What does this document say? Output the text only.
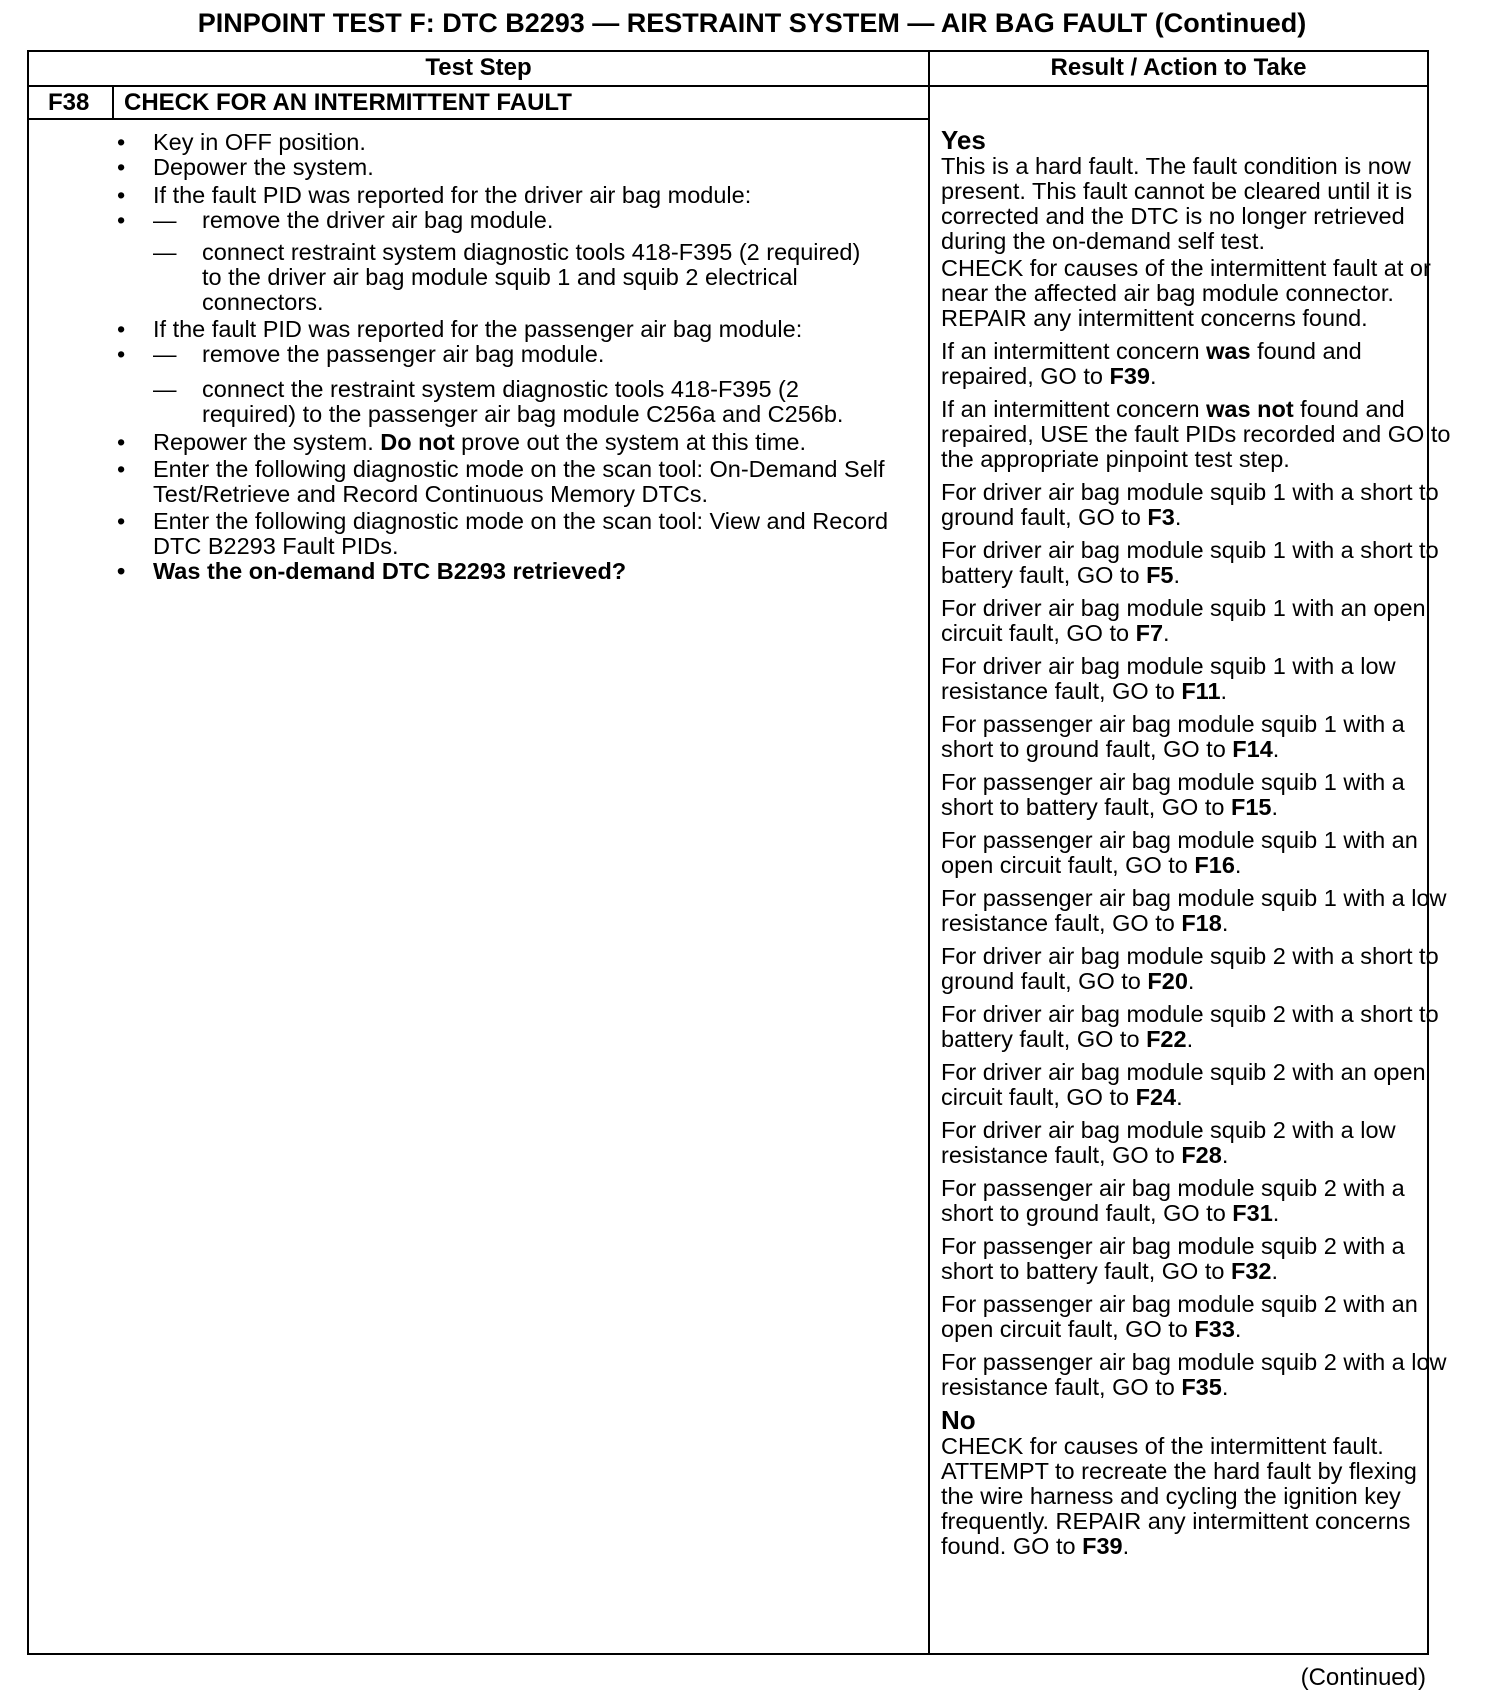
PINPOINT TEST F: DTC B2293 — RESTRAINT SYSTEM — AIR BAG FAULT (Continued)
Test Step	Result / Action to Take
F38 CHECK FOR AN INTERMITTENT FAULT
• Key in OFF position.
• Depower the system.
• If the fault PID was reported for the driver air bag module:
— • remove the driver air bag module.
— connect restraint system diagnostic tools 418-F395 (2 required) to the driver air bag module squib 1 and squib 2 electrical connectors.
• If the fault PID was reported for the passenger air bag module:
— • remove the passenger air bag module.
— connect the restraint system diagnostic tools 418-F395 (2 required) to the passenger air bag module C256a and C256b.
• Repower the system. Do not prove out the system at this time.
• Enter the following diagnostic mode on the scan tool: On-Demand Self Test/Retrieve and Record Continuous Memory DTCs.
• Enter the following diagnostic mode on the scan tool: View and Record DTC B2293 Fault PIDs.
• Was the on-demand DTC B2293 retrieved?
Yes
This is a hard fault. The fault condition is now present. This fault cannot be cleared until it is corrected and the DTC is no longer retrieved during the on-demand self test.
CHECK for causes of the intermittent fault at or near the affected air bag module connector. REPAIR any intermittent concerns found.
If an intermittent concern was found and repaired, GO to F39.
If an intermittent concern was not found and repaired, USE the fault PIDs recorded and GO to the appropriate pinpoint test step.
For driver air bag module squib 1 with a short to ground fault, GO to F3.
For driver air bag module squib 1 with a short to battery fault, GO to F5.
For driver air bag module squib 1 with an open circuit fault, GO to F7.
For driver air bag module squib 1 with a low resistance fault, GO to F11.
For passenger air bag module squib 1 with a short to ground fault, GO to F14.
For passenger air bag module squib 1 with a short to battery fault, GO to F15.
For passenger air bag module squib 1 with an open circuit fault, GO to F16.
For passenger air bag module squib 1 with a low resistance fault, GO to F18.
For driver air bag module squib 2 with a short to ground fault, GO to F20.
For driver air bag module squib 2 with a short to battery fault, GO to F22.
For driver air bag module squib 2 with an open circuit fault, GO to F24.
For driver air bag module squib 2 with a low resistance fault, GO to F28.
For passenger air bag module squib 2 with a short to ground fault, GO to F31.
For passenger air bag module squib 2 with a short to battery fault, GO to F32.
For passenger air bag module squib 2 with an open circuit fault, GO to F33.
For passenger air bag module squib 2 with a low resistance fault, GO to F35.
No
CHECK for causes of the intermittent fault. ATTEMPT to recreate the hard fault by flexing the wire harness and cycling the ignition key frequently. REPAIR any intermittent concerns found. GO to F39.
(Continued)
